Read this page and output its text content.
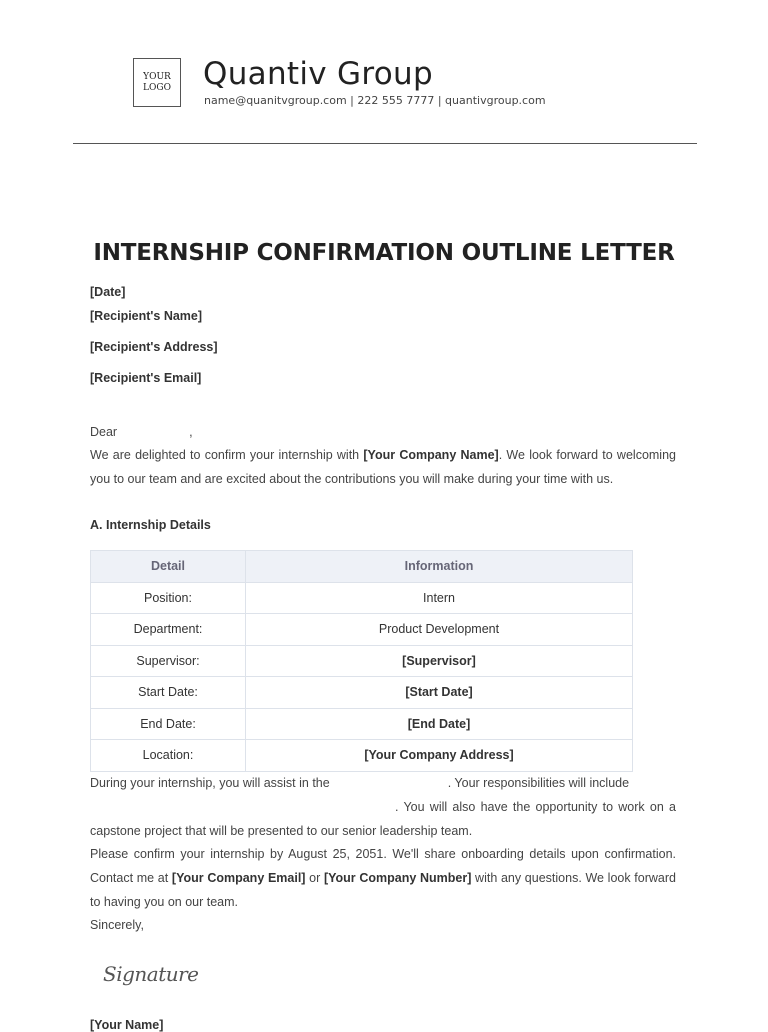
YOUR
LOGO Quantiv Group
name@quanitvgroup.com | 222 555 7777 | quantivgroup.com
INTERNSHIP CONFIRMATION OUTLINE LETTER
[Date]
[Recipient's Name]
[Recipient's Address]
[Recipient's Email]
Dear	,
We are delighted to confirm your internship with [Your Company Name]. We look forward to welcoming you to our team and are excited about the contributions you will make during your time with us.
A. Internship Details
Detail	Information
Position:	Intern
Department:	Product Development
Supervisor:	[Supervisor]
Start Date:	[Start Date]
End Date:	[End Date]
Location:	[Your Company Address]
During your internship, you will assist in the	. Your responsibilities will include
. You will also have the opportunity to work on a capstone project that will be presented to our senior leadership team.
Please confirm your internship by August 25, 2051. We'll share onboarding details upon confirmation. Contact me at [Your Company Email] or [Your Company Number] with any questions. We look forward to having you on our team.
Sincerely,
Signature
[Your Name]
